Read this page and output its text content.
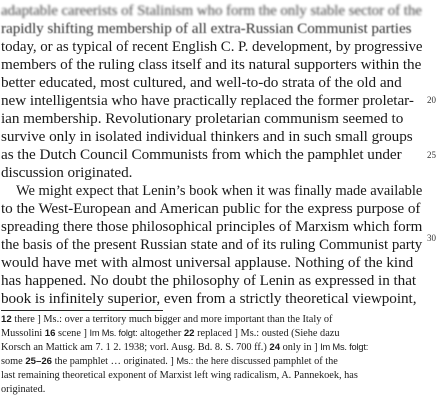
adaptable careerists of Stalinism who form the only stable sector of the
rapidly shifting membership of all extra-Russian Communist parties
today, or as typical of recent English C. P. development, by progressive
members of the ruling class itself and its natural supporters within the
better educated, most cultured, and well-to-do strata of the old and
new intelligentsia who have practically replaced the former proletar-
ian membership. Revolutionary proletarian communism seemed to
survive only in isolated individual thinkers and in such small groups
as the Dutch Council Communists from which the pamphlet under
discussion originated.
We might expect that Lenin’s book when it was finally made available
to the West-European and American public for the express purpose of
spreading there those philosophical principles of Marxism which form
the basis of the present Russian state and of its ruling Communist party
would have met with almost universal applause. Nothing of the kind
has happened. No doubt the philosophy of Lenin as expressed in that
book is infinitely superior, even from a strictly theoretical viewpoint,
20
25
30
12 there ] Ms.: over a territory much bigger and more important than the Italy of
Mussolini 16 scene ] Im Ms. folgt: altogether 22 replaced ] Ms.: ousted (Siehe dazu
Korsch an Mattick am 7. 1 2. 1938; vorl. Ausg. Bd. 8. S. 700 ff.) 24 only in ] Im Ms. folgt:
some 25–26 the pamphlet … originated. ] Ms.: the here discussed pamphlet of the
last remaining theoretical exponent of Marxist left wing radicalism, A. Pannekoek, has
originated.
